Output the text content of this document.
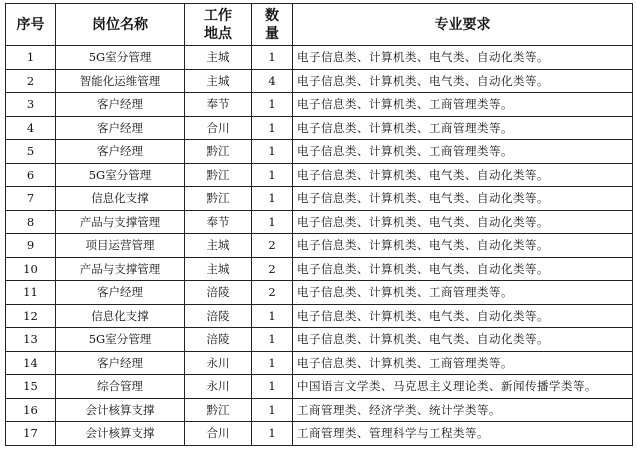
序号	岗位名称	工作地点	数量	专业要求
1	5G室分管理	主城	1	电子信息类、计算机类、电气类、自动化类等。
2	智能化运维管理	主城	4	电子信息类、计算机类、电气类、自动化类等。
3	客户经理	奉节	1	电子信息类、计算机类、工商管理类等。
4	客户经理	合川	1	电子信息类、计算机类、工商管理类等。
5	客户经理	黔江	1	电子信息类、计算机类、工商管理类等。
6	5G室分管理	黔江	1	电子信息类、计算机类、电气类、自动化类等。
7	信息化支撑	黔江	1	电子信息类、计算机类、电气类、自动化类等。
8	产品与支撑管理	奉节	1	电子信息类、计算机类、电气类、自动化类等。
9	项目运营管理	主城	2	电子信息类、计算机类、电气类、自动化类等。
10	产品与支撑管理	主城	2	电子信息类、计算机类、电气类、自动化类等。
11	客户经理	涪陵	2	电子信息类、计算机类、工商管理类等。
12	信息化支撑	涪陵	1	电子信息类、计算机类、电气类、自动化类等。
13	5G室分管理	涪陵	1	电子信息类、计算机类、电气类、自动化类等。
14	客户经理	永川	1	电子信息类、计算机类、工商管理类等。
15	综合管理	永川	1	中国语言文学类、马克思主义理论类、新闻传播学类等。
16	会计核算支撑	黔江	1	工商管理类、经济学类、统计学类等。
17	会计核算支撑	合川	1	工商管理类、管理科学与工程类等。
